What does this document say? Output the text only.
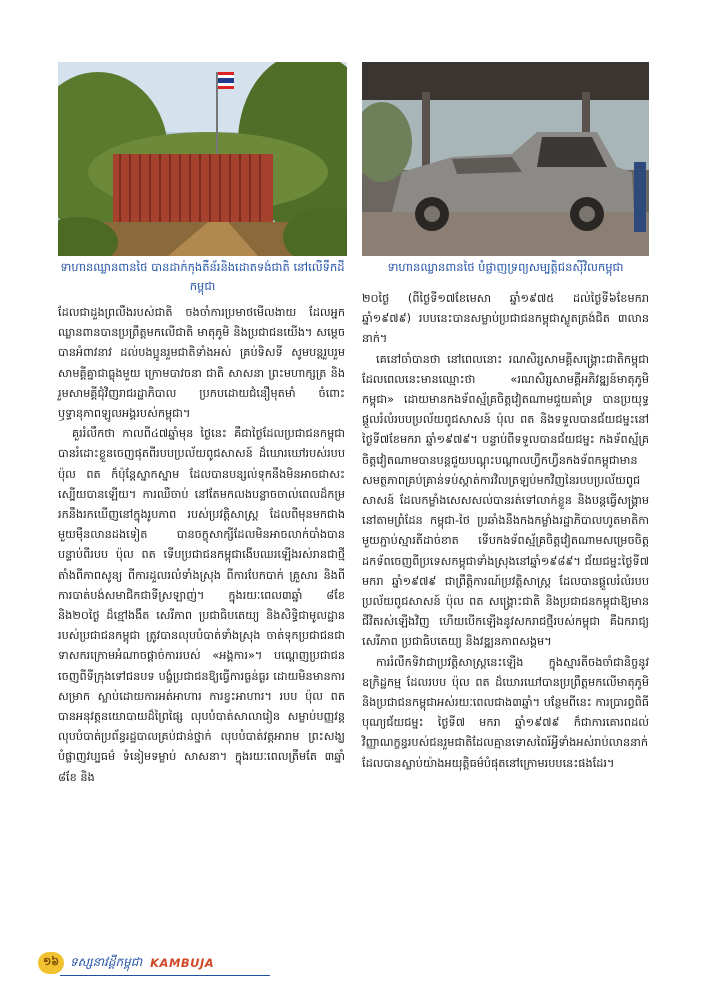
ទាហានឈ្លានពានថៃ បានដាក់កុងតឺន័រនិងដោតទង់ជាតិ នៅលើទឹកដីកម្ពុជា
ទាហានឈ្លានពានថៃ បំផ្លាញទ្រព្យសម្បត្តិជនស៊ីវិលកម្ពុជា

ដែលជាដួងព្រលឹងរបស់ជាតិ ចងចាំការប្រមាថមើលងាយ ដែលអ្នកឈ្លានពានបានប្រព្រឹត្តមកលើជាតិ មាតុភូមិ និងប្រជាជនយើង។ សម្តេចបានអំពាវនាវ ដល់បងប្អូនរួមជាតិទាំងអស់ គ្រប់ទិសទី សូមបន្តរួបរួមសាមគ្គីគ្នាជាធ្លុងមួយ ក្រោមបាវចនា ជាតិ សាសនា ព្រះមហាក្សត្រ និងរួមសាមគ្គីជុំវិញរាជរដ្ឋាភិបាល ប្រកបដោយជំនឿមុតមាំ ចំពោះឫទ្ធានុភាពឡូលអង្គរបស់កម្ពុជា។

គួររំលឹកថា កាលពី៤៧ឆ្នាំមុន ថ្ងៃនេះ គឺជាថ្ងៃដែលប្រជាជនកម្ពុជា បានរំដោះខ្លួនចេញផុតពីរបបប្រល័យពូជសាសន៍ ដ៏ឃោរឃៅរបស់របប ប៉ុល ពត ក៏ប៉ុន្តែស្នាកស្នាម ដែលបានបន្សល់ទុកនឹងមិនអាចជាសះស្បើយបានឡើយ។ ការឈឺចាប់ នៅតែមកលងបន្លាចចាល់ពេលដ៏កម្ររកនឹងរកឃើញនៅក្នុងរូបភាព របស់ប្រវត្តិសាស្ត្រ ដែលពីមុនមកជាងមួយម៉ឺនលានដងទៀត បានចក្ខុសាក្សីដែលមិនអាចលាក់បាំងបាន បន្ទាប់ពីរបប ប៉ុល ពត ទើបប្រជាជនកម្ពុជាងើបឈរឡើងរស់រានជាថ្មី តាំងពីភាពសូន្យ ពីការដួលរលំទាំងស្រុង ពីការបែកបាក់ គ្រួសារ និងពីការបាត់បង់សមាជិកជាទីស្រឡាញ់។ ក្នុងរយៈពេល៣ឆ្នាំ ៨ខែ និង២០ថ្ងៃ ដ៏ខ្មៅងងឹត សេរីភាព ប្រជាធិបតេយ្យ និងសិទ្ធិជាមូលដ្ឋានរបស់ប្រជាជនកម្ពុជា ត្រូវបានលុបបំបាត់ទាំងស្រុង ចាត់ទុកប្រជាជនជាទាសករក្រោមអំណាចផ្តាច់ការរបស់ «អង្គការ»។ បណ្តេញប្រជាជនចេញពីទីក្រុងទៅជនបទ បង្ខំប្រជាជនឱ្យធ្វើការធ្ងន់ធ្ងរ ដោយមិនមានការសម្រាក ស្លាប់ដោយការអត់អាហារ ការខ្វះអាហារ។ របប ប៉ុល ពត បានអនុវត្តនយោបាយដ៏ព្រៃផ្សៃ លុបបំបាត់សាលារៀន សម្លាប់បញ្ញវន្ត លុបបំបាត់ប្រព័ន្ធរដ្ឋបាលគ្រប់ជាន់ថ្នាក់ លុបបំបាត់វត្តអារាម ព្រះសង្ឃ បំផ្លាញវប្បធម៌ ទំនៀមទម្លាប់ សាសនា។ ក្នុងរយៈពេលត្រឹមតែ ៣ឆ្នាំ ៨ខែ និង

២០ថ្ងៃ (ពីថ្ងៃទី១៧ខែមេសា ឆ្នាំ១៩៧៥ ដល់ថ្ងៃទី៦ខែមករា ឆ្នាំ១៩៧៩) របបនេះបានសម្លាប់ប្រជាជនកម្ពុជាស្លូតត្រង់ជិត ៣លាននាក់។

គេនៅចាំបានថា នៅពេលនោះ រណសិរ្សសាមគ្គីសង្គ្រោះជាតិកម្ពុជា ដែលពេលនេះមានឈ្មោះថា «រណសិរ្សសាមគ្គីអភិវឌ្ឍន៍មាតុភូមិកម្ពុជា» ដោយមានកងទ័ពស្ម័គ្រចិត្តវៀតណាមជួយគាំទ្រ បានប្រយុទ្ធផ្តួលរំលំរបបប្រល័យពូជសាសន៍ ប៉ុល ពត និងទទួលបានជ័យជម្នះនៅថ្ងៃទី៧ខែមករា ឆ្នាំ១៩៧៩។ បន្ទាប់ពីទទួលបានជ័យជម្នះ កងទ័ពស្ម័គ្រចិត្តវៀតណាមបានបន្តជួយបណ្តុះបណ្តាលហ្វឹកហ្វឺនកងទ័ពកម្ពុជាមានសមត្ថភាពគ្រប់គ្រាន់ទប់ស្កាត់ការវិលត្រឡប់មកវិញនៃរបបប្រល័យពូជសាសន៍ ដែលកម្លាំងសេសសល់បានរត់ទៅលាក់ខ្លួន និងបន្តធ្វើសង្គ្រាមនៅតាមព្រំដែន កម្ពុជា-ថៃ ប្រឆាំងនឹងកងកម្លាំងរដ្ឋាភិបាលហូតមាតិកាមួយភ្ជាប់ស្មារតីដាច់ខាត ទើបកងទ័ពស្ម័គ្រចិត្តវៀតណាមសម្រេចចិត្តដកទ័ពចេញពីប្រទេសកម្ពុជាទាំងស្រុងនៅឆ្នាំ១៩៨៩។ ជ័យជម្នះថ្ងៃទី៧ មករា ឆ្នាំ១៩៧៩ ជាព្រឹត្តិការណ៍ប្រវត្តិសាស្ត្រ ដែលបានផ្តួលរំលំរបបប្រល័យពូជសាសន៍ ប៉ុល ពត សង្គ្រោះជាតិ និងប្រជាជនកម្ពុជាឱ្យមានជីវិតរស់ឡើងវិញ ហើយបើកឡើងនូវសករាជថ្មីរបស់កម្ពុជា គឺឯករាជ្យ សេរីភាព ប្រជាធិបតេយ្យ និងវឌ្ឍនភាពសង្គម។

ការរំលឹកទិវាជាប្រវត្តិសាស្ត្រនេះឡើង ក្នុងស្មារតីចងចាំជានិច្ចនូវឧក្រិដ្ឋកម្ម ដែលរបប ប៉ុល ពត ដ៏ឃោរឃៅបានប្រព្រឹត្តមកលើមាតុភូមិ និងប្រជាជនកម្ពុជាអស់រយៈពេលជាង៣ឆ្នាំ។ បន្ថែមពីនេះ ការប្រារព្ធពិធីបុណ្យជ័យជម្នះ ថ្ងៃទី៧ មករា ឆ្នាំ១៩៧៩ ក៏ជាការគោរពដល់វិញ្ញាណក្ខន្ធរបស់ជនរួមជាតិដែលគ្មានទោសពៃរ៍អ្វីទាំងអស់រាប់លាននាក់ ដែលបានស្លាប់យ៉ាងអយុត្តិធម៌បំផុតនៅក្រោមរបបនេះផងដែរ។

១៦ ទស្សនាវដ្តីកម្ពុជា KAMBUJA
